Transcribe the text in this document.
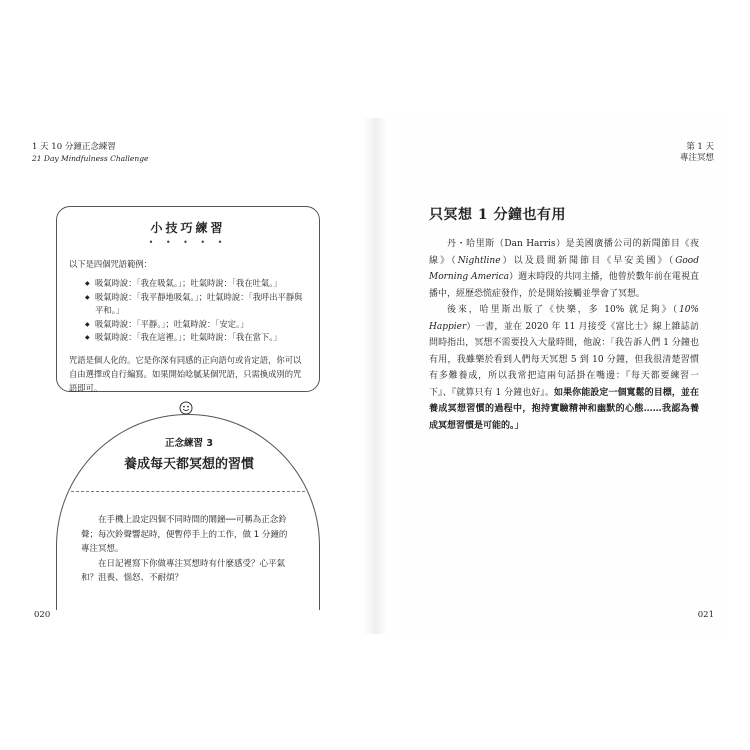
1 天 10 分鐘正念練習
21 Day Mindfulness Challenge
小技巧練習
• • • • •
以下是四個咒語範例：
◆ 吸氣時說：「我在吸氣。」；吐氣時說：「我在吐氣。」
◆ 吸氣時說：「我平靜地吸氣。」；吐氣時說：「我呼出平靜與平和。」
◆ 吸氣時說：「平靜。」；吐氣時說：「安定。」
◆ 吸氣時說：「我在這裡。」；吐氣時說：「我在當下。」
咒語是個人化的。它是你深有同感的正向語句或肯定語，你可以自由選擇或自行編寫。如果開始唸膩某個咒語，只需換成別的咒語即可。
正念練習 3
養成每天都冥想的習慣

在手機上設定四個不同時間的鬧鐘──可稱為正念鈴聲；每次鈴聲響起時，便暫停手上的工作，做 1 分鐘的專注冥想。

在日記裡寫下你做專注冥想時有什麼感受？心平氣和？沮喪、惱怒、不耐煩？

020
第 1 天
專注冥想
只冥想 1 分鐘也有用

丹・哈里斯（Dan Harris）是美國廣播公司的新聞節目《夜線》（Nightline）以及晨間新聞節目《早安美國》（Good Morning America）週末時段的共同主播，他曾於數年前在電視直播中，經歷恐慌症發作，於是開始接觸並學會了冥想。

後來，哈里斯出版了《快樂，多 10% 就足夠》（10% Happier）一書，並在 2020 年 11 月接受《富比士》線上雜誌訪問時指出，冥想不需要投入大量時間，他說：「我告訴人們 1 分鐘也有用，我雖樂於看到人們每天冥想 5 到 10 分鐘，但我很清楚習慣有多難養成，所以我常把這兩句話掛在嘴邊：『每天都要練習一下』、『就算只有 1 分鐘也好』。如果你能設定一個寬鬆的目標，並在養成冥想習慣的過程中，抱持實驗精神和幽默的心態……我認為養成冥想習慣是可能的。」

021
